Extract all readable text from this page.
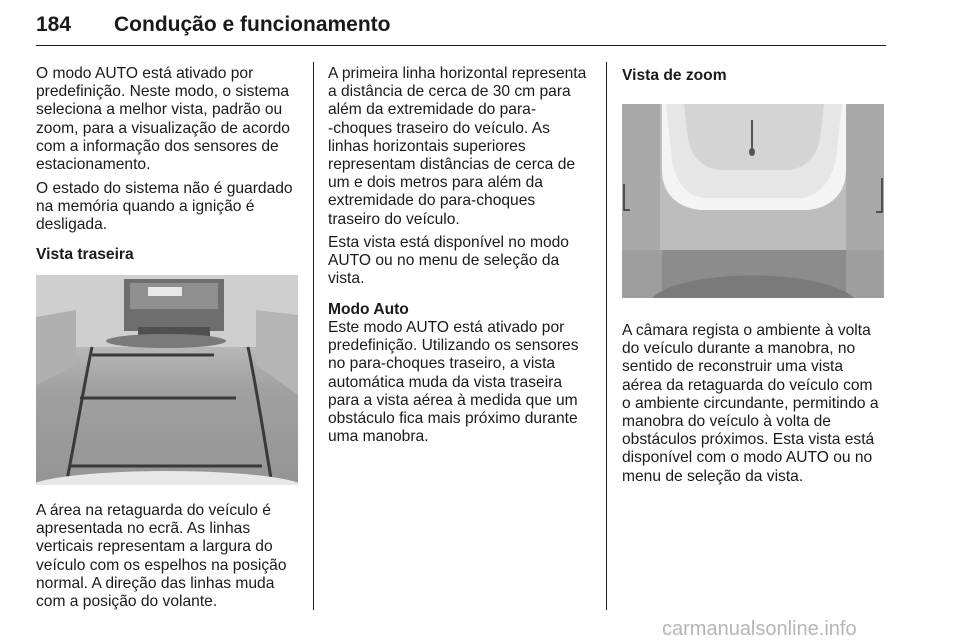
184 Condução e funcionamento

O modo AUTO está ativado por

predefinição. Neste modo, o sistema

seleciona a melhor vista, padrão ou

zoom, para a visualização de acordo

com a informação dos sensores de

estacionamento.

O estado do sistema não é guardado

na memória quando a ignição é

desligada.

Vista traseira

A área na retaguarda do veículo é

apresentada no ecrã. As linhas

verticais representam a largura do

veículo com os espelhos na posição

normal. A direção das linhas muda

com a posição do volante.

A primeira linha horizontal representa

a distância de cerca de 30 cm para

além da extremidade do para-

-choques traseiro do veículo. As

linhas horizontais superiores

representam distâncias de cerca de

um e dois metros para além da

extremidade do para-choques

traseiro do veículo.

Esta vista está disponível no modo

AUTO ou no menu de seleção da

vista.

Modo Auto

Este modo AUTO está ativado por

predefinição. Utilizando os sensores

no para-choques traseiro, a vista

automática muda da vista traseira

para a vista aérea à medida que um

obstáculo fica mais próximo durante

uma manobra.

Vista de zoom

A câmara regista o ambiente à volta

do veículo durante a manobra, no

sentido de reconstruir uma vista

aérea da retaguarda do veículo com

o ambiente circundante, permitindo a

manobra do veículo à volta de

obstáculos próximos. Esta vista está

disponível com o modo AUTO ou no

menu de seleção da vista.

carmanualsonline.info
